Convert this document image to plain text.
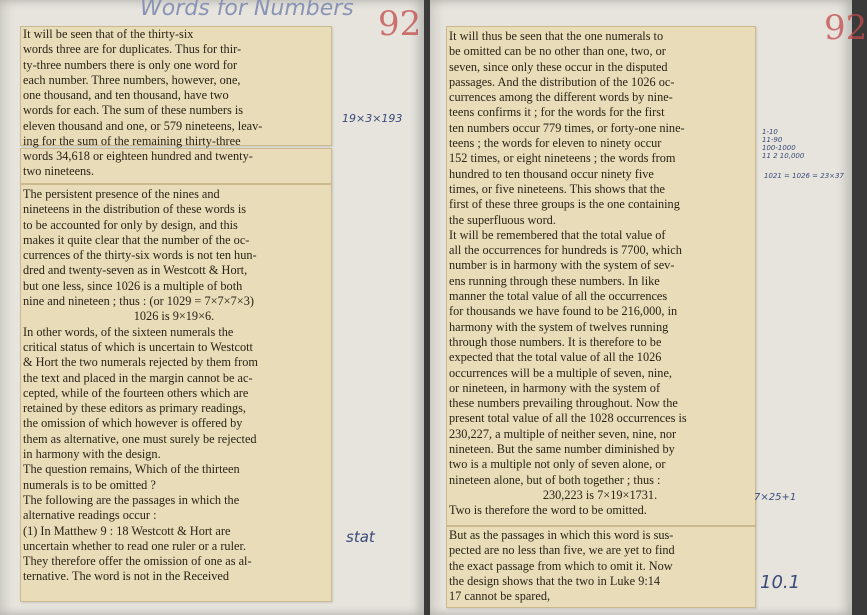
Words for Numbers 92
It will be seen that of the thirty-six
words three are for duplicates. Thus for thir-
ty-three numbers there is only one word for
each number. Three numbers, however, one,
one thousand, and ten thousand, have two
words for each. The sum of these numbers is
eleven thousand and one, or 579 nineteens, leav-
ing for the sum of the remaining thirty-three
words 34,618 or eighteen hundred and twenty-
two nineteens.
The persistent presence of the nines and
nineteens in the distribution of these words is
to be accounted for only by design, and this
makes it quite clear that the number of the oc-
currences of the thirty-six words is not ten hun-
dred and twenty-seven as in Westcott & Hort,
but one less, since 1026 is a multiple of both
nine and nineteen ; thus : (or 1029 = 7×7×7×3)
1026 is 9×19×6.
In other words, of the sixteen numerals the
critical status of which is uncertain to Westcott
& Hort the two numerals rejected by them from
the text and placed in the margin cannot be ac-
cepted, while of the fourteen others which are
retained by these editors as primary readings,
the omission of which however is offered by
them as alternative, one must surely be rejected
in harmony with the design.
The question remains, Which of the thirteen
numerals is to be omitted ?
The following are the passages in which the
alternative readings occur :
(1) In Matthew 9 : 18 Westcott & Hort are
uncertain whether to read one ruler or a ruler.
They therefore offer the omission of one as al-
ternative. The word is not in the Received
19×3×193
stat
92
It will thus be seen that the one numerals to
be omitted can be no other than one, two, or
seven, since only these occur in the disputed
passages. And the distribution of the 1026 oc-
currences among the different words by nine-
teens confirms it ; for the words for the first
ten numbers occur 779 times, or forty-one nine-
teens ; the words for eleven to ninety occur
152 times, or eight nineteens ; the words from
hundred to ten thousand occur ninety five
times, or five nineteens. This shows that the
first of these three groups is the one containing
the superfluous word.
It will be remembered that the total value of
all the occurrences for hundreds is 7700, which
number is in harmony with the system of sev-
ens running through these numbers. In like
manner the total value of all the occurrences
for thousands we have found to be 216,000, in
harmony with the system of twelves running
through those numbers. It is therefore to be
expected that the total value of all the 1026
occurrences will be a multiple of seven, nine,
or nineteen, in harmony with the system of
these numbers prevailing throughout. Now the
present total value of all the 1028 occurrences is
230,227, a multiple of neither seven, nine, nor
nineteen. But the same number diminished by
two is a multiple not only of seven alone, or
nineteen alone, but of both together ; thus :
230,223 is 7×19×1731.
Two is therefore the word to be omitted.
But as the passages in which this word is sus-
pected are no less than five, we are yet to find
the exact passage from which to omit it. Now
the design shows that the two in Luke 9:14
17 cannot be spared,
1-10
11-90
100-1000
11 2 10,000
1021 = 1026 = 23×37
7×25+1
10.1
